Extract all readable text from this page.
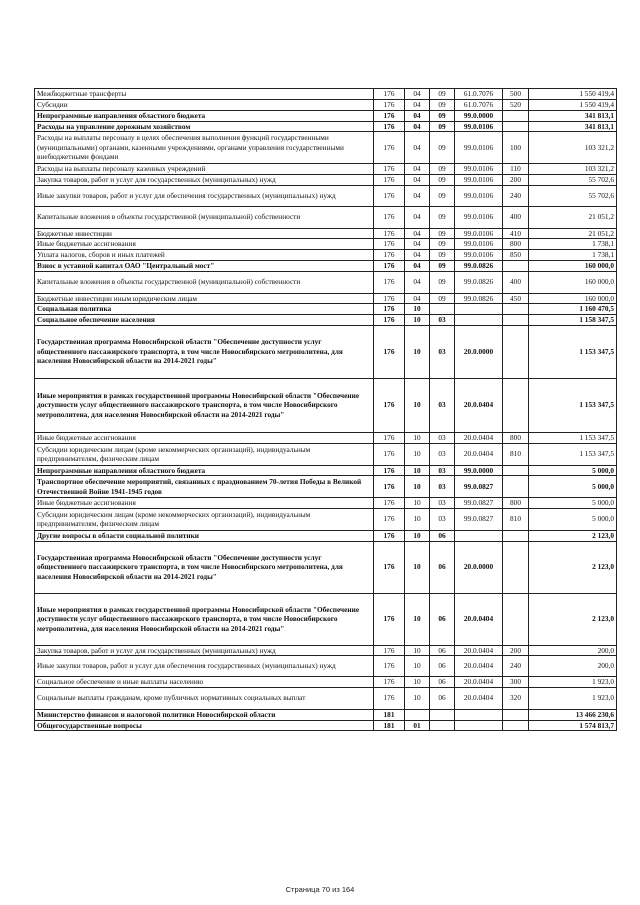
Межбюджетные трансферты	176	04	09	61.0.7076	500	1 550 419,4
Субсидии	176	04	09	61.0.7076	520	1 550 419,4
Непрограммные направления областного бюджета	176	04	09	99.0.0000		341 813,1
Расходы на управление дорожным хозяйством	176	04	09	99.0.0106		341 813,1
Расходы на выплаты персоналу в целях обеспечения выполнения функций государственными (муниципальными) органами, казенными учреждениями, органами управления государственными внебюджетными фондами	176	04	09	99.0.0106	100	103 321,2
Расходы на выплаты персоналу казенных учреждений	176	04	09	99.0.0106	110	103 321,2
Закупка товаров, работ и услуг для государственных (муниципальных) нужд	176	04	09	99.0.0106	200	55 702,6
Иные закупки товаров, работ и услуг для обеспечения государственных (муниципальных) нужд	176	04	09	99.0.0106	240	55 702,6
Капитальные вложения в объекты государственной (муниципальной) собственности	176	04	09	99.0.0106	400	21 051,2
Бюджетные инвестиции	176	04	09	99.0.0106	410	21 051,2
Иные бюджетные ассигнования	176	04	09	99.0.0106	800	1 738,1
Уплата налогов, сборов и иных платежей	176	04	09	99.0.0106	850	1 738,1
Взнос в уставной капитал ОАО "Центральный мост"	176	04	09	99.0.0826		160 000,0
Капитальные вложения в объекты государственной (муниципальной) собственности	176	04	09	99.0.0826	400	160 000,0
Бюджетные инвестиции иным юридическим лицам	176	04	09	99.0.0826	450	160 000,0
Социальная политика	176	10				1 160 470,5
Социальное обеспечение населения	176	10	03			1 158 347,5
Государственная программа Новосибирской области "Обеспечение доступности услуг общественного пассажирского транспорта, в том числе Новосибирского метрополитена, для населения Новосибирской области на 2014-2021 годы"	176	10	03	20.0.0000		1 153 347,5
Иные мероприятия в рамках государственной программы Новосибирской области "Обеспечение доступности услуг общественного пассажирского транспорта, в том числе Новосибирского метрополитена, для населения Новосибирской области на 2014-2021 годы"	176	10	03	20.0.0404		1 153 347,5
Иные бюджетные ассигнования	176	10	03	20.0.0404	800	1 153 347,5
Субсидии юридическим лицам (кроме некоммерческих организаций), индивидуальным предпринимателям, физическим лицам	176	10	03	20.0.0404	810	1 153 347,5
Непрограммные направления областного бюджета	176	10	03	99.0.0000		5 000,0
Транспортное обеспечение мероприятий, связанных с празднованием 70-летия Победы в Великой Отечественной Войне 1941-1945 годов	176	10	03	99.0.0827		5 000,0
Иные бюджетные ассигнования	176	10	03	99.0.0827	800	5 000,0
Субсидии юридическим лицам (кроме некоммерческих организаций), индивидуальным предпринимателям, физическим лицам	176	10	03	99.0.0827	810	5 000,0
Другие вопросы в области социальной политики	176	10	06			2 123,0
Государственная программа Новосибирской области "Обеспечение доступности услуг общественного пассажирского транспорта, в том числе Новосибирского метрополитена, для населения Новосибирской области на 2014-2021 годы"	176	10	06	20.0.0000		2 123,0
Иные мероприятия в рамках государственной программы Новосибирской области "Обеспечение доступности услуг общественного пассажирского транспорта, в том числе Новосибирского метрополитена, для населения Новосибирской области на 2014-2021 годы"	176	10	06	20.0.0404		2 123,0
Закупка товаров, работ и услуг для государственных (муниципальных) нужд	176	10	06	20.0.0404	200	200,0
Иные закупки товаров, работ и услуг для обеспечения государственных (муниципальных) нужд	176	10	06	20.0.0404	240	200,0
Социальное обеспечение и иные выплаты населению	176	10	06	20.0.0404	300	1 923,0
Социальные выплаты гражданам, кроме публичных нормативных социальных выплат	176	10	06	20.0.0404	320	1 923,0
Министерство финансов и налоговой политики Новосибирской области	181					13 466 230,6
Общегосударственные вопросы	181	01				1 574 813,7
Страница 70 из 164
